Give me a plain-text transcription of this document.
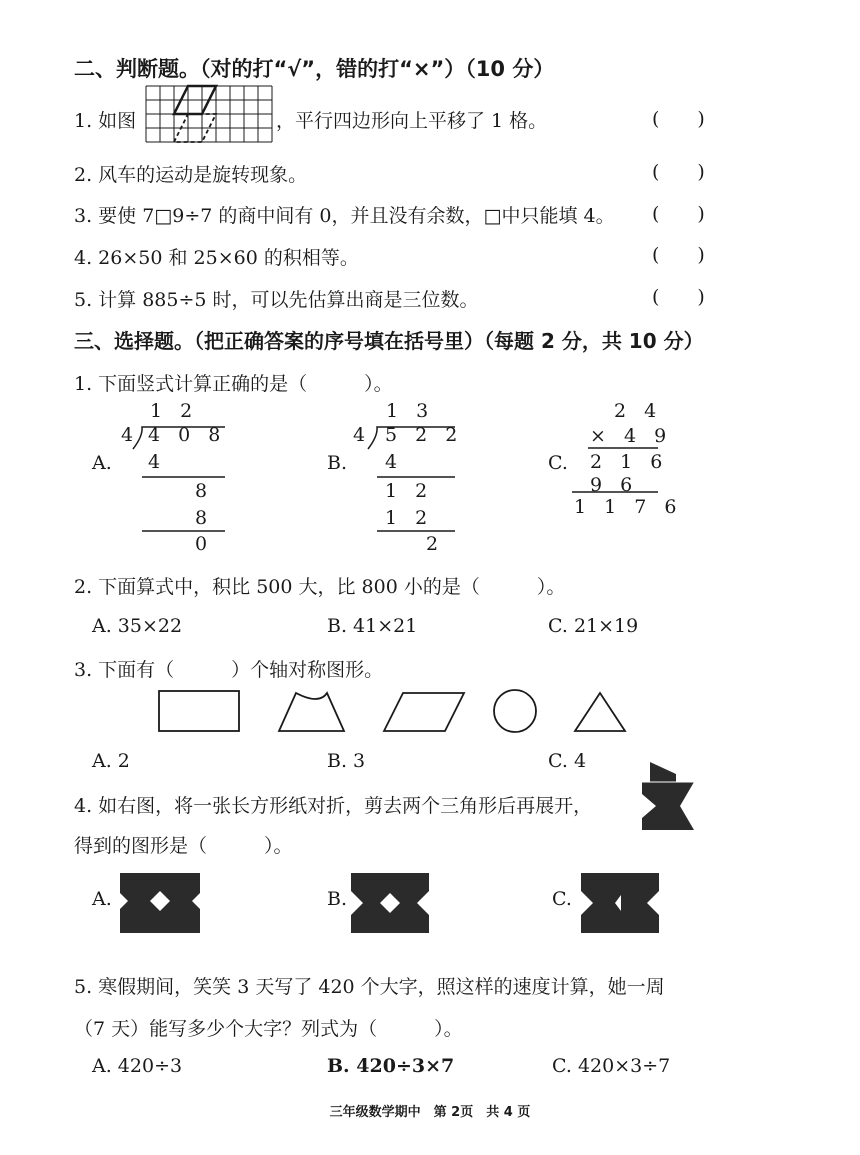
二、判断题。（对的打“√”，错的打“×”）（10 分）
1. 如图	，平行四边形向上平移了 1 格。	(　　)
2. 风车的运动是旋转现象。	(　　)
3. 要使 7□9÷7 的商中间有 0，并且没有余数，□中只能填 4。 (　　)
4. 26×50 和 25×60 的积相等。	(　　)
5. 计算 885÷5 时，可以先估算出商是三位数。	(　　)
三、选择题。（把正确答案的序号填在括号里）（每题 2 分，共 10 分）
1. 下面竖式计算正确的是（　　　）。
A.
1 2
4 4 0 8
4
8
8
0
B.
1 3
4 5 2 2
4
1 2
1 2
2
C.
2 4
× 4 9
2 1 6
9 6
1 1 7 6
2. 下面算式中，积比 500 大，比 800 小的是（　　　）。
A. 35×22	B. 41×21	C. 21×19
3. 下面有（　　　）个轴对称图形。
A. 2	B. 3	C. 4
4. 如右图，将一张长方形纸对折，剪去两个三角形后再展开，
得到的图形是（　　　）。
A.	B.	C.
5. 寒假期间，笑笑 3 天写了 420 个大字，照这样的速度计算，她一周
（7 天）能写多少个大字？列式为（　　　）。
A. 420÷3	B. 420÷3×7	C. 420×3÷7
三年级数学期中　第 2页　共 4 页
